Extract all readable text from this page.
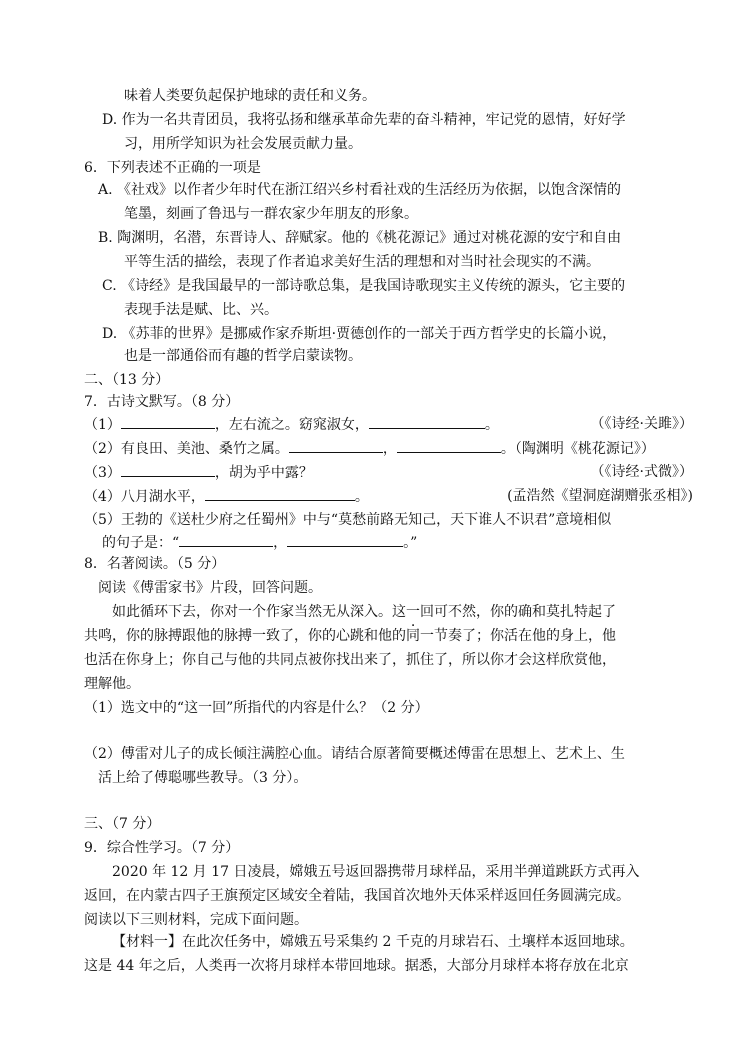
味着人类要负起保护地球的责任和义务。
D. 作为一名共青团员，我将弘扬和继承革命先辈的奋斗精神，牢记党的恩情，好好学
习，用所学知识为社会发展贡献力量。
6．下列表述不正确的一项是
A. 《社戏》以作者少年时代在浙江绍兴乡村看社戏的生活经历为依据，以饱含深情的
笔墨，刻画了鲁迅与一群农家少年朋友的形象。
B. 陶渊明，名潜，东晋诗人、辞赋家。他的《桃花源记》通过对桃花源的安宁和自由
平等生活的描绘，表现了作者追求美好生活的理想和对当时社会现实的不满。
C. 《诗经》是我国最早的一部诗歌总集，是我国诗歌现实主义传统的源头，它主要的
表现手法是赋、比、兴。
D. 《苏菲的世界》是挪威作家乔斯坦·贾德创作的一部关于西方哲学史的长篇小说，
也是一部通俗而有趣的哲学启蒙读物。
二、（13 分）
7．古诗文默写。（8 分）
（1）	，左右流之。窈窕淑女，	。	（《诗经·关雎》）
（2）有良田、美池、桑竹之属。	，	。（陶渊明《桃花源记》）
（3）	，胡为乎中露？	（《诗经·式微》）
（4）八月湖水平，	。	(孟浩然《望洞庭湖赠张丞相》)
（5）王勃的《送杜少府之任蜀州》中与“莫愁前路无知己，天下谁人不识君”意境相似
的句子是：“	，	。”
8．名著阅读。（5 分）
阅读《傅雷家书》片段，回答问题。
如此循环下去，你对一个作家当然无从深入。这一回可不然，你的确和莫扎特起了
共鸣，你的脉搏跟他的脉搏一致了，你的心跳和他的同一节奏了；你活在他的身上，他
也活在你身上；你自己与他的共同点被你找出来了，抓住了，所以你才会这样欣赏他，
理解他。
（1）选文中的“这一回”所指代的内容是什么？（2 分）
（2）傅雷对儿子的成长倾注满腔心血。请结合原著简要概述傅雷在思想上、艺术上、生
活上给了傅聪哪些教导。（3 分）。
三、（7 分）
9．综合性学习。（7 分）
2020 年 12 月 17 日凌晨，嫦娥五号返回器携带月球样品，采用半弹道跳跃方式再入
返回，在内蒙古四子王旗预定区域安全着陆，我国首次地外天体采样返回任务圆满完成。
阅读以下三则材料，完成下面问题。
【材料一】在此次任务中，嫦娥五号采集约 2 千克的月球岩石、土壤样本返回地球。
这是 44 年之后，人类再一次将月球样本带回地球。据悉，大部分月球样本将存放在北京
